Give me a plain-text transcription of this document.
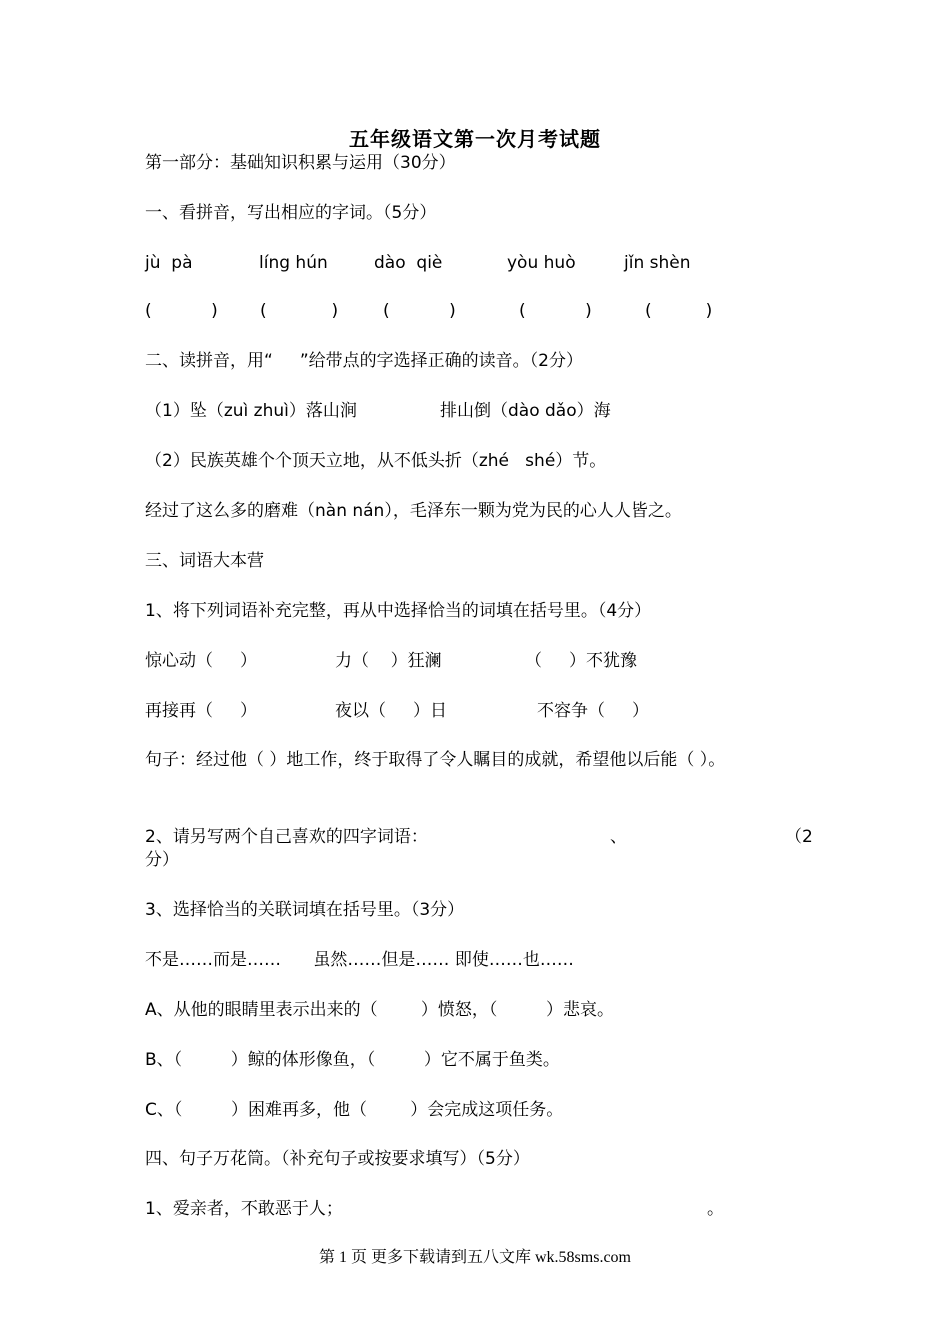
五年级语文第一次月考试题
第一部分：基础知识积累与运用（30分）
一、看拼音，写出相应的字词。（5分）
jù  pà	líng hún	dào  qiè	yòu huò	jǐn shèn
(           ) (            )	(           )	(           )	(          )
二、读拼音，用“     ”给带点的字选择正确的读音。（2分）
（1）坠（zuì zhuì）落山涧	排山倒（dào dǎo）海
（2）民族英雄个个顶天立地，从不低头折（zhé   shé）节。
经过了这么多的磨难（nàn nán），毛泽东一颗为党为民的心人人皆之。
三、词语大本营
1、将下列词语补充完整，再从中选择恰当的词填在括号里。（4分）
惊心动（     ）	力（    ）狂澜	（     ）不犹豫
再接再（     ）	夜以（     ）日	不容争（     ）
句子：经过他（ ）地工作，终于取得了令人瞩目的成就，希望他以后能（ ）。
2、请另写两个自己喜欢的四字词语：	、	（2
分）
3、选择恰当的关联词填在括号里。（3分）
不是……而是……      虽然……但是…… 即使……也……
A、从他的眼睛里表示出来的（        ）愤怒，（         ）悲哀。
B、（         ）鲸的体形像鱼，（         ）它不属于鱼类。
C、（         ）困难再多，他（        ）会完成这项任务。
四、句子万花筒。（补充句子或按要求填写）（5分）
1、爱亲者，不敢恶于人；	。
第 1 页 更多下载请到五八文库 wk.58sms.com
